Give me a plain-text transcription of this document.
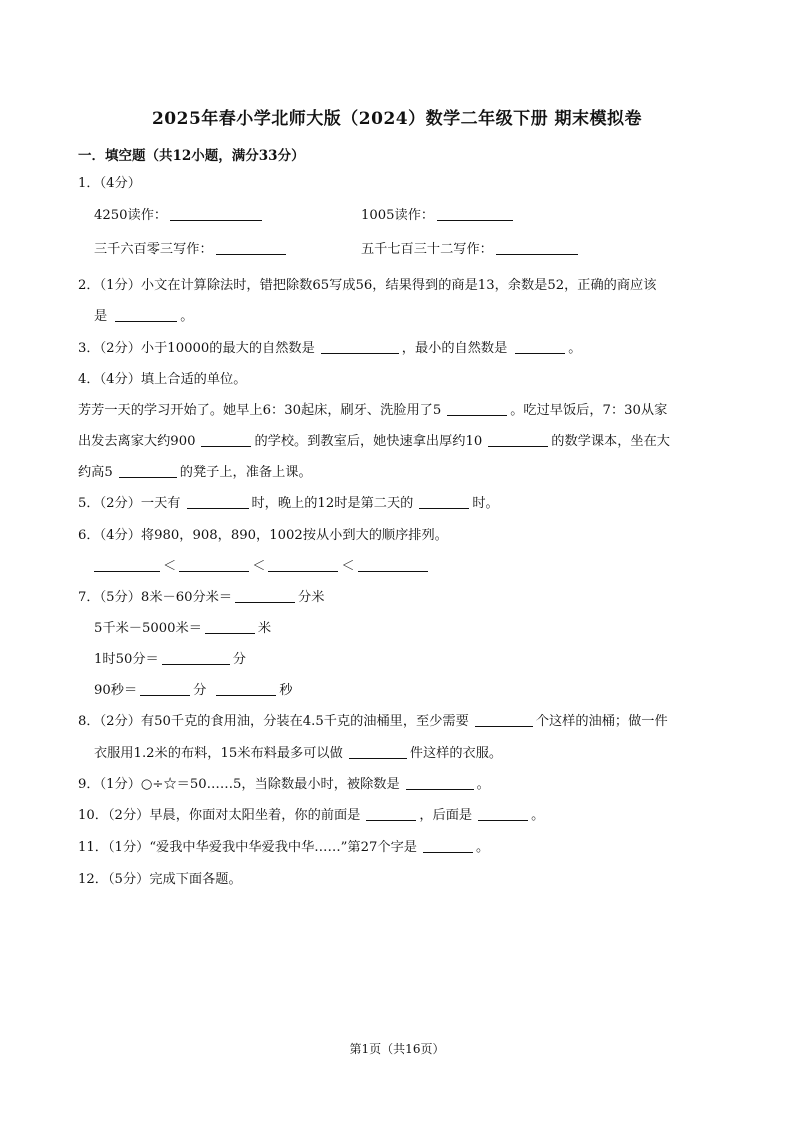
2025年春小学北师大版（2024）数学二年级下册 期末模拟卷
一．填空题（共12小题，满分33分）
1．（4分）
4250读作：	1005读作：
三千六百零三写作：	五千七百三十二写作：
2．（1分）小文在计算除法时，错把除数65写成56，结果得到的商是13，余数是52，正确的商应该
是	。
3．（2分）小于10000的最大的自然数是	，最小的自然数是	。
4．（4分）填上合适的单位。
芳芳一天的学习开始了。她早上6：30起床，刷牙、洗脸用了5	。吃过早饭后，7：30从家
出发去离家大约900	的学校。到教室后，她快速拿出厚约10	的数学课本，坐在大
约高5	的凳子上，准备上课。
5．（2分）一天有	时，晚上的12时是第二天的	时。
6．（4分）将980，908，890，1002按从小到大的顺序排列。
＜	＜	＜
7．（5分）8米－60分米＝	分米
5千米－5000米＝	米
1时50分＝	分
90秒＝	分	秒
8．（2分）有50千克的食用油，分装在4.5千克的油桶里，至少需要	个这样的油桶；做一件
衣服用1.2米的布料，15米布料最多可以做	件这样的衣服。
9．（1分）○÷☆＝50……5，当除数最小时，被除数是	。
10．（2分）早晨，你面对太阳坐着，你的前面是	，后面是	。
11．（1分）“爱我中华爱我中华爱我中华……”第27个字是	。
12．（5分）完成下面各题。
第1页（共16页）
